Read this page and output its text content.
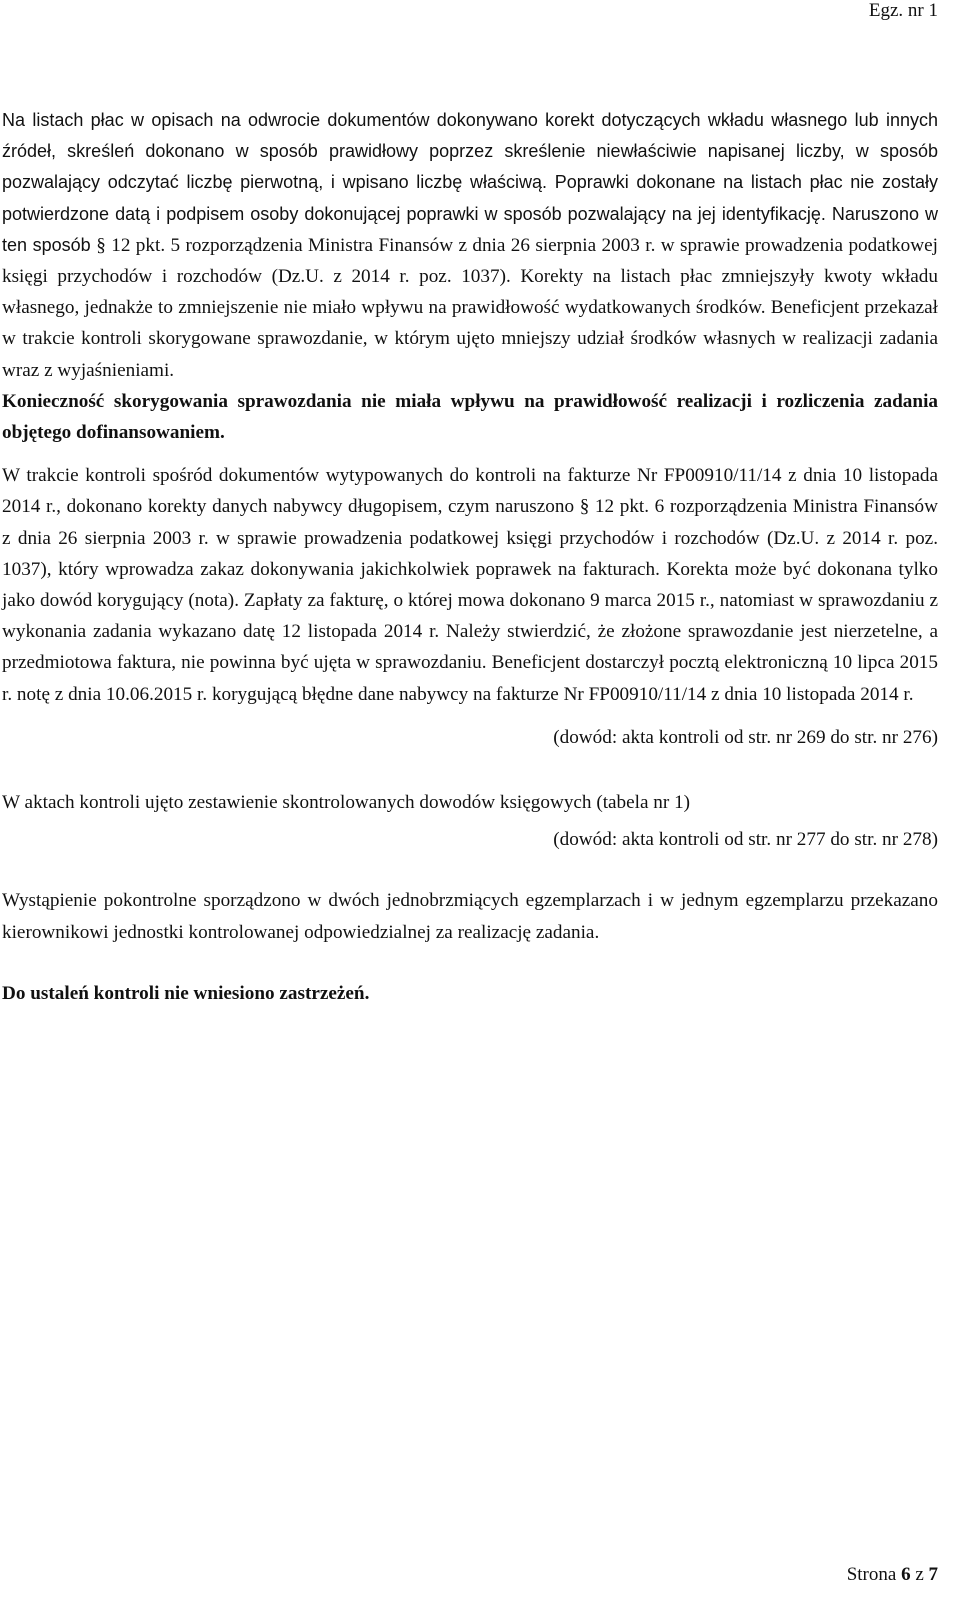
Egz. nr 1

Na listach płac w opisach na odwrocie dokumentów dokonywano korekt dotyczących wkładu własnego lub innych źródeł, skreśleń dokonano w sposób prawidłowy poprzez skreślenie niewłaściwie napisanej liczby, w sposób pozwalający odczytać liczbę pierwotną, i wpisano liczbę właściwą. Poprawki dokonane na listach płac nie zostały potwierdzone datą i podpisem osoby dokonującej poprawki w sposób pozwalający na jej identyfikację. Naruszono w ten sposób § 12 pkt. 5 rozporządzenia Ministra Finansów z dnia 26 sierpnia 2003 r. w sprawie prowadzenia podatkowej księgi przychodów i rozchodów (Dz.U. z 2014 r. poz. 1037). Korekty na listach płac zmniejszyły kwoty wkładu własnego, jednakże to zmniejszenie nie miało wpływu na prawidłowość wydatkowanych środków. Beneficjent przekazał w trakcie kontroli skorygowane sprawozdanie, w którym ujęto mniejszy udział środków własnych w realizacji zadania wraz z wyjaśnieniami.

Konieczność skorygowania sprawozdania nie miała wpływu na prawidłowość realizacji i rozliczenia zadania objętego dofinansowaniem.

W trakcie kontroli spośród dokumentów wytypowanych do kontroli na fakturze Nr FP00910/11/14 z dnia 10 listopada 2014 r., dokonano korekty danych nabywcy długopisem, czym naruszono § 12 pkt. 6 rozporządzenia Ministra Finansów z dnia 26 sierpnia 2003 r. w sprawie prowadzenia podatkowej księgi przychodów i rozchodów (Dz.U. z 2014 r. poz. 1037), który wprowadza zakaz dokonywania jakichkolwiek poprawek na fakturach. Korekta może być dokonana tylko jako dowód korygujący (nota). Zapłaty za fakturę, o której mowa dokonano 9 marca 2015 r., natomiast w sprawozdaniu z wykonania zadania wykazano datę 12 listopada 2014 r. Należy stwierdzić, że złożone sprawozdanie jest nierzetelne, a przedmiotowa faktura, nie powinna być ujęta w sprawozdaniu. Beneficjent dostarczył pocztą elektroniczną 10 lipca 2015 r. notę z dnia 10.06.2015 r. korygującą błędne dane nabywcy na fakturze Nr FP00910/11/14 z dnia 10 listopada 2014 r.

(dowód: akta kontroli od str. nr 269 do str. nr 276)

W aktach kontroli ujęto zestawienie skontrolowanych dowodów księgowych (tabela nr 1)

(dowód: akta kontroli od str. nr 277 do str. nr 278)

Wystąpienie pokontrolne sporządzono w dwóch jednobrzmiących egzemplarzach i w jednym egzemplarzu przekazano kierownikowi jednostki kontrolowanej odpowiedzialnej za realizację zadania.

Do ustaleń kontroli nie wniesiono zastrzeżeń.

Strona 6 z 7
